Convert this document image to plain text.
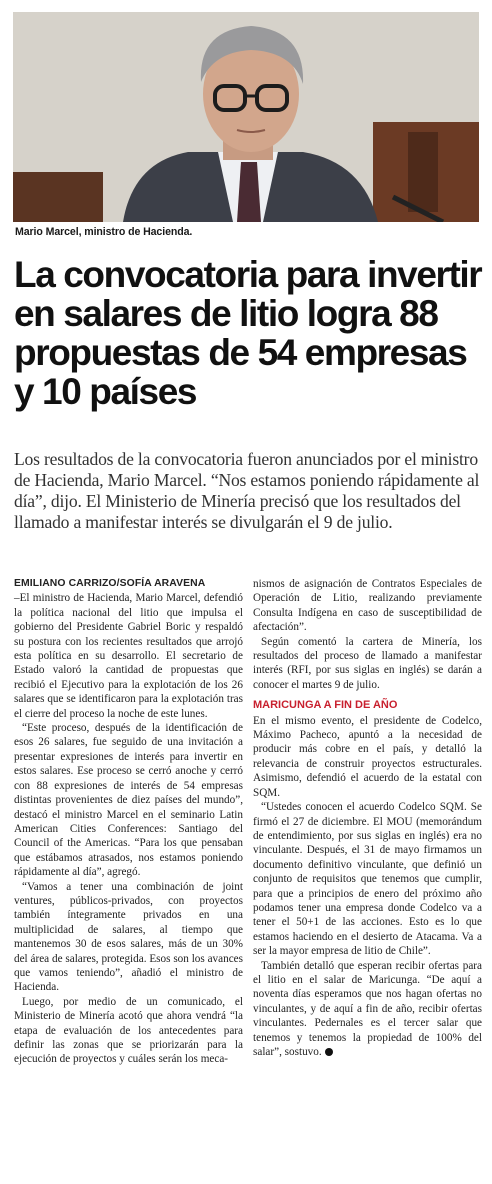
Mario Marcel, ministro de Hacienda.
La convocatoria para invertir en salares de litio logra 88 propuestas de 54 empresas y 10 países
Los resultados de la convocatoria fueron anunciados por el ministro de Hacienda, Mario Marcel. “Nos estamos poniendo rápidamente al día”, dijo. El Ministerio de Minería precisó que los resultados del llamado a manifestar interés se divulgarán el 9 de julio.

EMILIANO CARRIZO/SOFÍA ARAVENA

–El ministro de Hacienda, Mario Marcel, defendió la política nacional del litio que impulsa el gobierno del Presidente Gabriel Boric y respaldó su postura con los recientes resultados que arrojó esta política en su desarrollo. El secretario de Estado valoró la cantidad de propuestas que recibió el Ejecutivo para la explotación de los 26 salares que se identificaron para la explotación tras el cierre del proceso la noche de este lunes.

“Este proceso, después de la identificación de esos 26 salares, fue seguido de una invitación a presentar expresiones de interés para invertir en estos salares. Ese proceso se cerró anoche y cerró con 88 expresiones de interés de 54 empresas distintas provenientes de diez países del mundo”, destacó el ministro Marcel en el seminario Latin American Cities Conferences: Santiago del Council of the Americas. “Para los que pensaban que estábamos atrasados, nos estamos poniendo rápidamente al día”, agregó.

“Vamos a tener una combinación de joint ventures, públicos-privados, con proyectos también íntegramente privados en una multiplicidad de salares, al tiempo que mantenemos 30 de esos salares, más de un 30% del área de salares, protegida. Esos son los avances que vamos teniendo”, añadió el ministro de Hacienda.

Luego, por medio de un comunicado, el Ministerio de Minería acotó que ahora vendrá “la etapa de evaluación de los antecedentes para definir las zonas que se priorizarán para la ejecución de proyectos y cuáles serán los meca-

nismos de asignación de Contratos Especiales de Operación de Litio, realizando previamente Consulta Indígena en caso de susceptibilidad de afectación”.

Según comentó la cartera de Minería, los resultados del proceso de llamado a manifestar interés (RFI, por sus siglas en inglés) se darán a conocer el martes 9 de julio.

MARICUNGA A FIN DE AÑO

En el mismo evento, el presidente de Codelco, Máximo Pacheco, apuntó a la necesidad de producir más cobre en el país, y detalló la relevancia de construir proyectos estructurales. Asimismo, defendió el acuerdo de la estatal con SQM.

“Ustedes conocen el acuerdo Codelco SQM. Se firmó el 27 de diciembre. El MOU (memorándum de entendimiento, por sus siglas en inglés) era no vinculante. Después, el 31 de mayo firmamos un documento definitivo vinculante, que definió un conjunto de requisitos que tenemos que cumplir, para que a principios de enero del próximo año podamos tener una empresa donde Codelco va a tener el 50+1 de las acciones. Esto es lo que estamos haciendo en el desierto de Atacama. Va a ser la mayor empresa de litio de Chile”.

También detalló que esperan recibir ofertas para el litio en el salar de Maricunga. “De aquí a noventa días esperamos que nos hagan ofertas no vinculantes, y de aquí a fin de año, recibir ofertas vinculantes. Pedernales es el tercer salar que tenemos y tenemos la propiedad de 100% del salar”, sostuvo.
